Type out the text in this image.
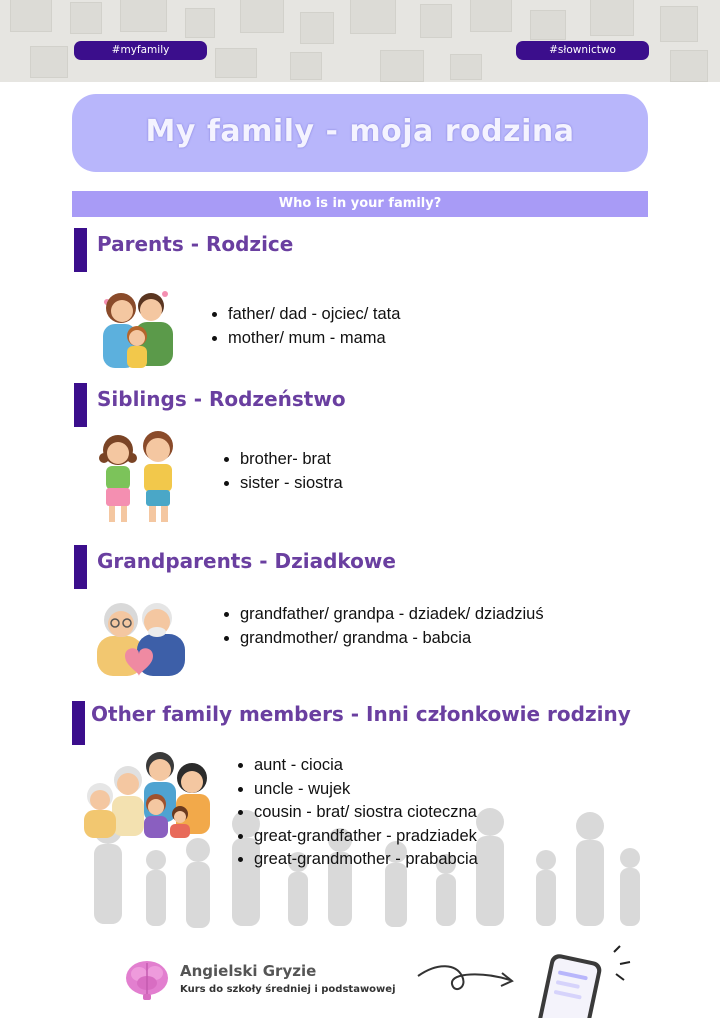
#myfamily	#słownictwo
My family - moja rodzina
Who is in your family?
Parents - Rodzice
• father/ dad - ojciec/ tata
• mother/ mum - mama
Siblings - Rodzeństwo
• brother- brat
• sister - siostra
Grandparents - Dziadkowe
• grandfather/ grandpa - dziadek/ dziadziuś
• grandmother/ grandma - babcia
Other family members - Inni członkowie rodziny
• aunt - ciocia
• uncle - wujek
• cousin - brat/ siostra cioteczna
• great-grandfather - pradziadek
• great-grandmother - prababcia
Angielski Gryzie
Kurs do szkoły średniej i podstawowej
